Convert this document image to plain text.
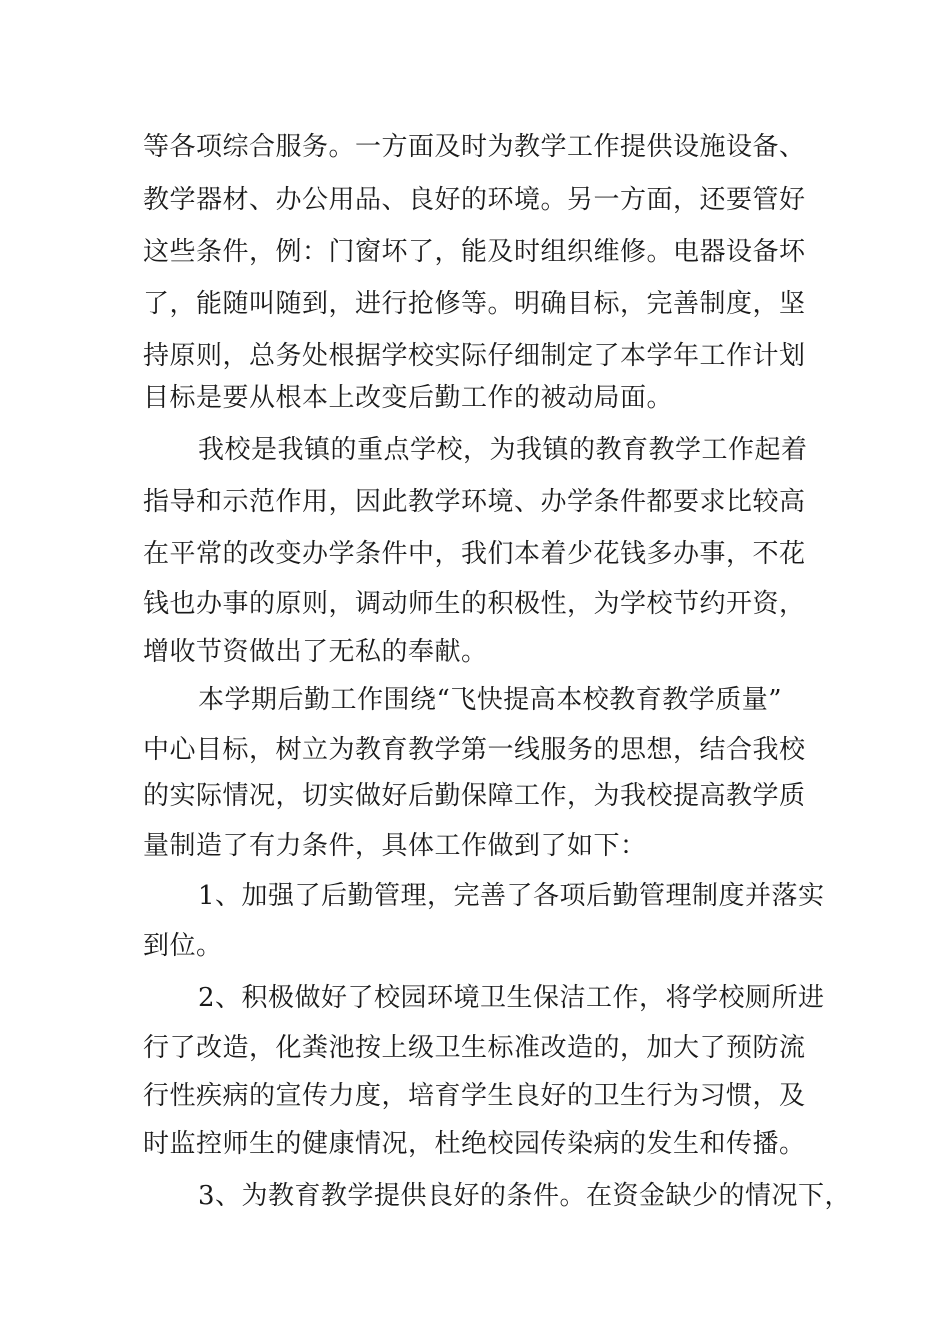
等各项综合服务。一方面及时为教学工作提供设施设备、
教学器材、办公用品、良好的环境。另一方面，还要管好
这些条件，例：门窗坏了，能及时组织维修。电器设备坏
了，能随叫随到，进行抢修等。明确目标，完善制度，坚
持原则，总务处根据学校实际仔细制定了本学年工作计划
目标是要从根本上改变后勤工作的被动局面。
我校是我镇的重点学校，为我镇的教育教学工作起着
指导和示范作用，因此教学环境、办学条件都要求比较高
在平常的改变办学条件中，我们本着少花钱多办事，不花
钱也办事的原则，调动师生的积极性，为学校节约开资，
增收节资做出了无私的奉献。
本学期后勤工作围绕“飞快提高本校教育教学质量”
中心目标，树立为教育教学第一线服务的思想，结合我校
的实际情况，切实做好后勤保障工作，为我校提高教学质
量制造了有力条件，具体工作做到了如下：
1、加强了后勤管理，完善了各项后勤管理制度并落实
到位。
2、积极做好了校园环境卫生保洁工作，将学校厕所进
行了改造，化粪池按上级卫生标准改造的，加大了预防流
行性疾病的宣传力度，培育学生良好的卫生行为习惯，及
时监控师生的健康情况，杜绝校园传染病的发生和传播。
3、为教育教学提供良好的条件。在资金缺少的情况下，
